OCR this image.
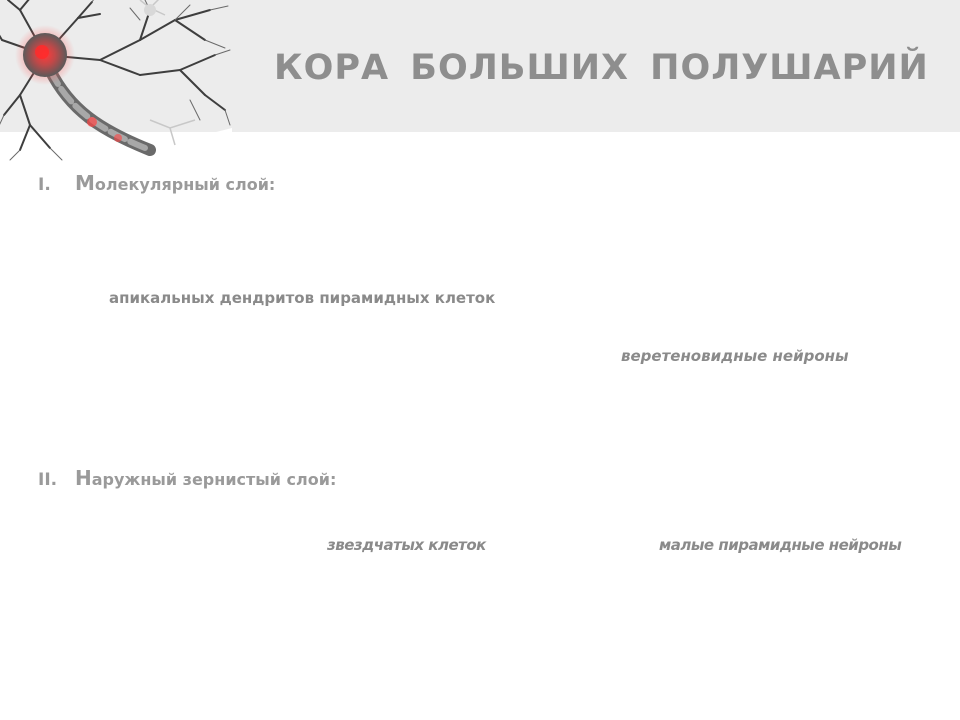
КОРА БОЛЬШИХ ПОЛУШАРИЙ
I. Молекулярный слой:
апикальных дендритов пирамидных клеток
веретеновидные нейроны
II. Наружный зернистый слой:
звездчатых клеток	малые пирамидные нейроны
